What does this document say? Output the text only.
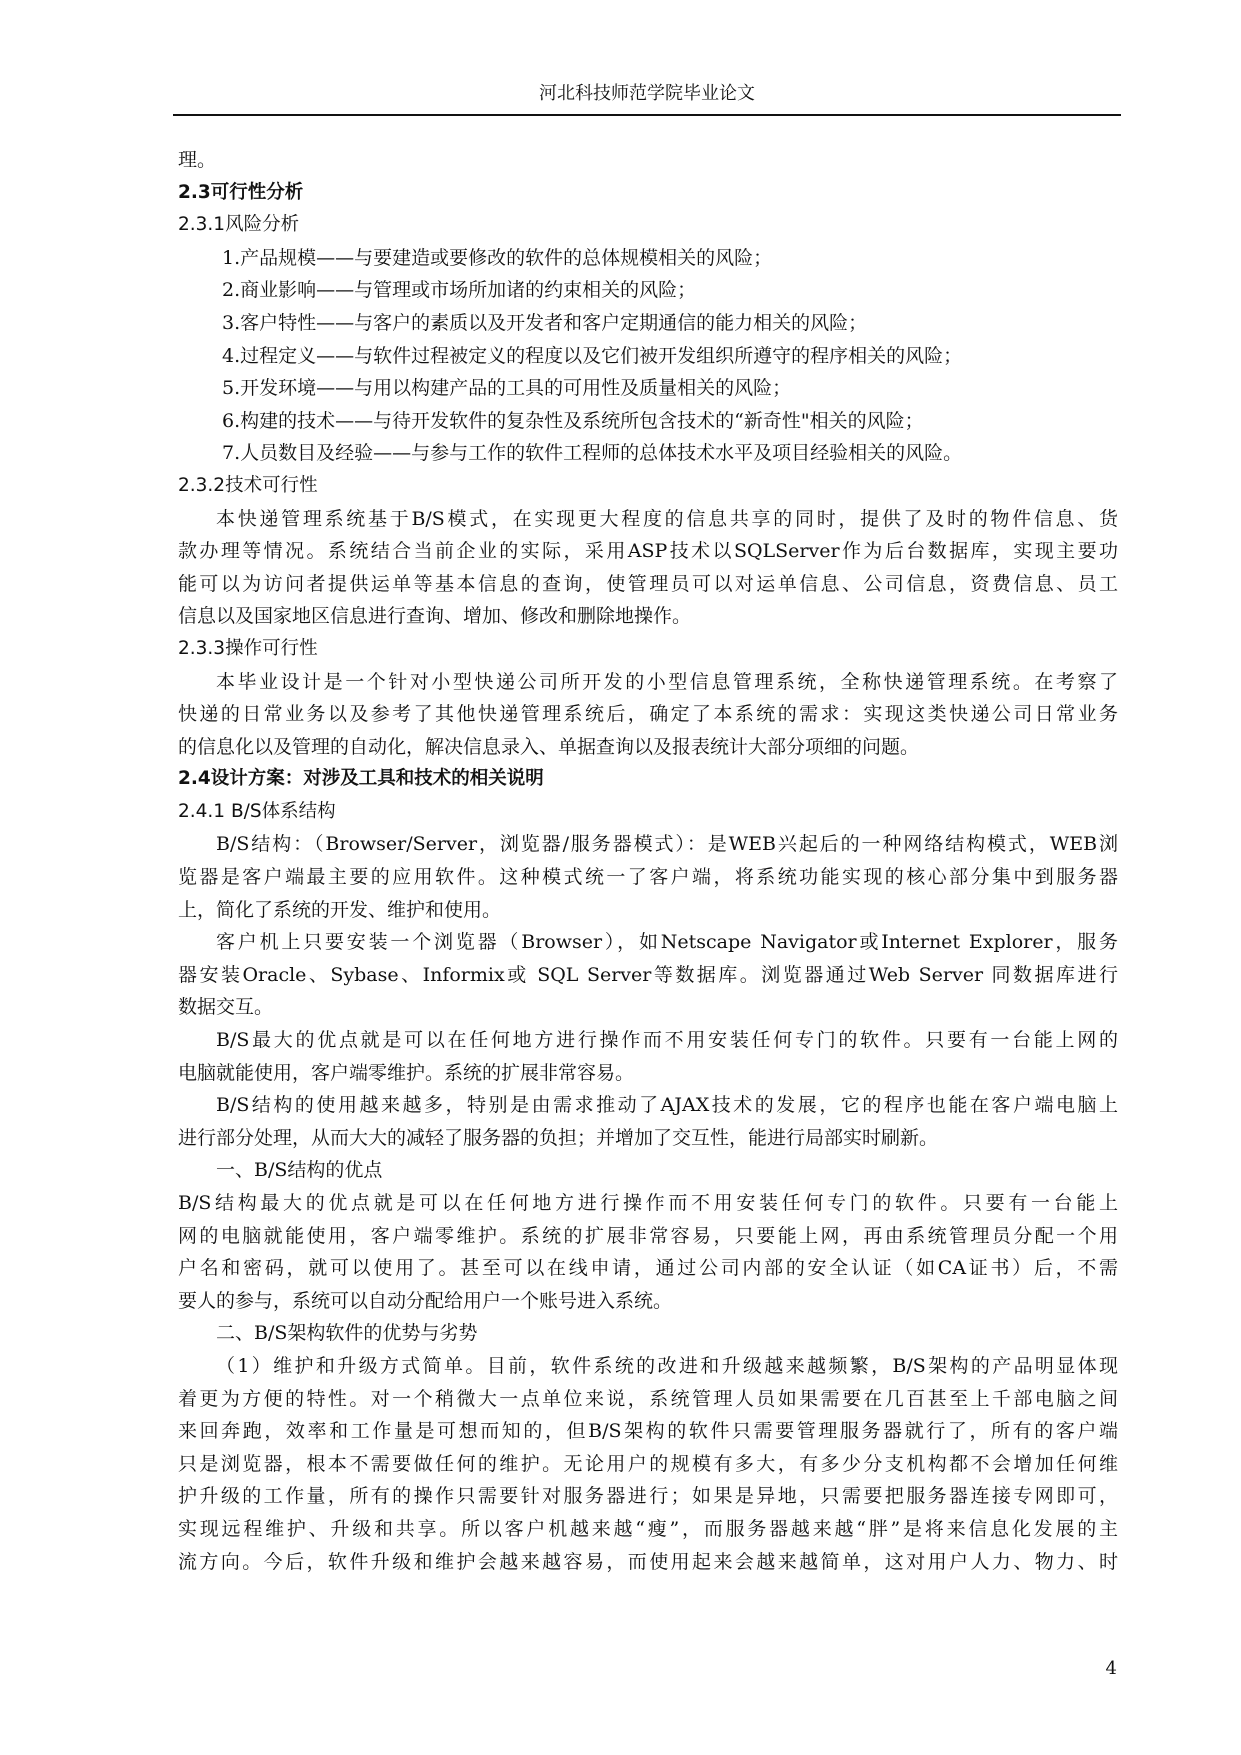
河北科技师范学院毕业论文
理。
2.3可行性分析
2.3.1风险分析
1.产品规模——与要建造或要修改的软件的总体规模相关的风险；
2.商业影响——与管理或市场所加诸的约束相关的风险；
3.客户特性——与客户的素质以及开发者和客户定期通信的能力相关的风险；
4.过程定义——与软件过程被定义的程度以及它们被开发组织所遵守的程序相关的风险；
5.开发环境——与用以构建产品的工具的可用性及质量相关的风险；
6.构建的技术——与待开发软件的复杂性及系统所包含技术的“新奇性"相关的风险；
7.人员数目及经验——与参与工作的软件工程师的总体技术水平及项目经验相关的风险。
2.3.2技术可行性
本快递管理系统基于B/S模式，在实现更大程度的信息共享的同时，提供了及时的物件信息、货
款办理等情况。系统结合当前企业的实际，采用ASP技术以SQLServer作为后台数据库，实现主要功
能可以为访问者提供运单等基本信息的查询，使管理员可以对运单信息、公司信息，资费信息、员工
信息以及国家地区信息进行查询、增加、修改和删除地操作。
2.3.3操作可行性
本毕业设计是一个针对小型快递公司所开发的小型信息管理系统，全称快递管理系统。在考察了
快递的日常业务以及参考了其他快递管理系统后，确定了本系统的需求：实现这类快递公司日常业务
的信息化以及管理的自动化，解决信息录入、单据查询以及报表统计大部分项细的问题。
2.4设计方案：对涉及工具和技术的相关说明
2.4.1 B/S体系结构
B/S结构：（Browser/Server，浏览器/服务器模式）：是WEB兴起后的一种网络结构模式，WEB浏
览器是客户端最主要的应用软件。这种模式统一了客户端，将系统功能实现的核心部分集中到服务器
上，简化了系统的开发、维护和使用。
客户机上只要安装一个浏览器（Browser），如Netscape Navigator或Internet Explorer，服务
器安装Oracle、Sybase、Informix或 SQL Server等数据库。浏览器通过Web Server 同数据库进行
数据交互。
B/S最大的优点就是可以在任何地方进行操作而不用安装任何专门的软件。只要有一台能上网的
电脑就能使用，客户端零维护。系统的扩展非常容易。
B/S结构的使用越来越多，特别是由需求推动了AJAX技术的发展，它的程序也能在客户端电脑上
进行部分处理，从而大大的减轻了服务器的负担；并增加了交互性，能进行局部实时刷新。
一、B/S结构的优点
B/S结构最大的优点就是可以在任何地方进行操作而不用安装任何专门的软件。只要有一台能上
网的电脑就能使用，客户端零维护。系统的扩展非常容易，只要能上网，再由系统管理员分配一个用
户名和密码，就可以使用了。甚至可以在线申请，通过公司内部的安全认证（如CA证书）后，不需
要人的参与，系统可以自动分配给用户一个账号进入系统。
二、B/S架构软件的优势与劣势
（1）维护和升级方式简单。目前，软件系统的改进和升级越来越频繁，B/S架构的产品明显体现
着更为方便的特性。对一个稍微大一点单位来说，系统管理人员如果需要在几百甚至上千部电脑之间
来回奔跑，效率和工作量是可想而知的，但B/S架构的软件只需要管理服务器就行了，所有的客户端
只是浏览器，根本不需要做任何的维护。无论用户的规模有多大，有多少分支机构都不会增加任何维
护升级的工作量，所有的操作只需要针对服务器进行；如果是异地，只需要把服务器连接专网即可，
实现远程维护、升级和共享。所以客户机越来越“瘦”，而服务器越来越“胖”是将来信息化发展的主
流方向。今后，软件升级和维护会越来越容易，而使用起来会越来越简单，这对用户人力、物力、时
4
